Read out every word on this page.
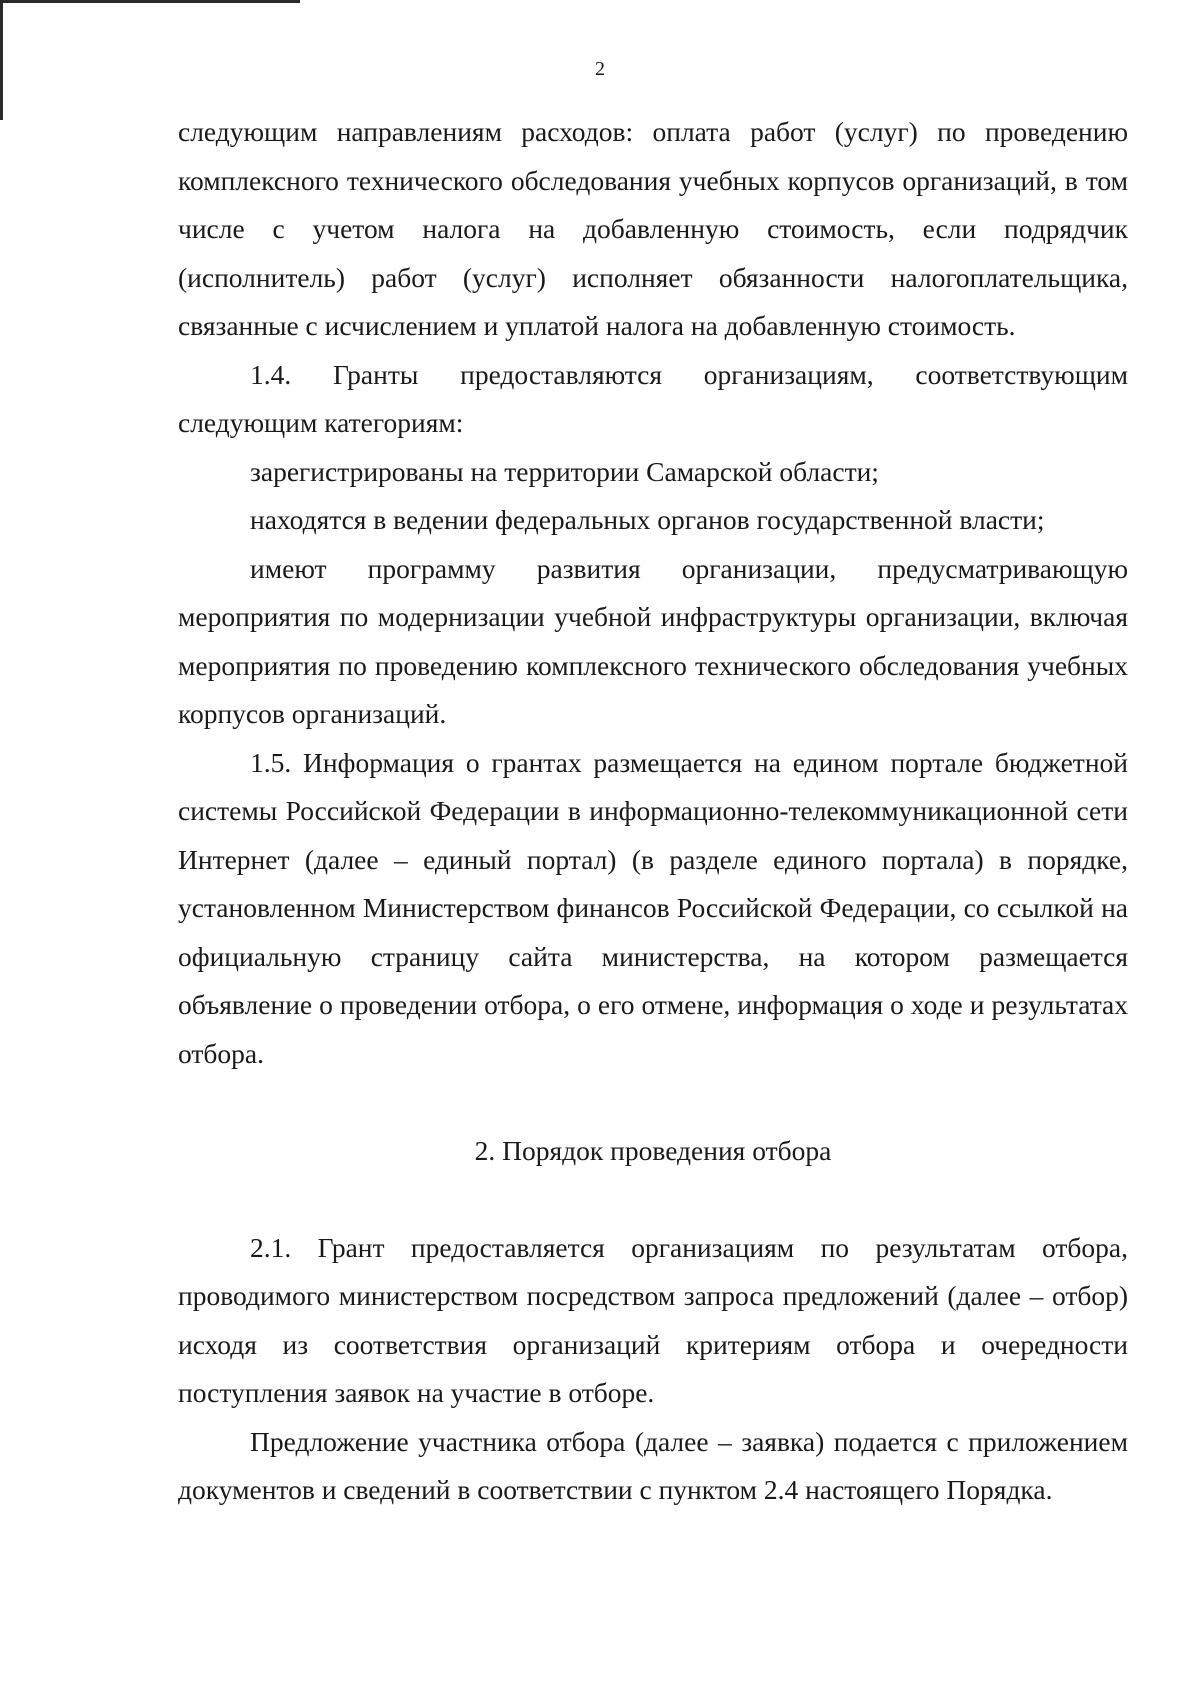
2

следующим направлениям расходов: оплата работ (услуг) по проведению комплексного технического обследования учебных корпусов организаций, в том числе с учетом налога на добавленную стоимость, если подрядчик (исполнитель) работ (услуг) исполняет обязанности налогоплательщика, связанные с исчислением и уплатой налога на добавленную стоимость.

1.4. Гранты предоставляются организациям, соответствующим следующим категориям:

зарегистрированы на территории Самарской области;

находятся в ведении федеральных органов государственной власти;

имеют программу развития организации, предусматривающую мероприятия по модернизации учебной инфраструктуры организации, включая мероприятия по проведению комплексного технического обследования учебных корпусов организаций.

1.5. Информация о грантах размещается на едином портале бюджетной системы Российской Федерации в информационно-телекоммуникационной сети Интернет (далее – единый портал) (в разделе единого портала) в порядке, установленном Министерством финансов Российской Федерации, со ссылкой на официальную страницу сайта министерства, на котором размещается объявление о проведении отбора, о его отмене, информация о ходе и результатах отбора.

2. Порядок проведения отбора

2.1. Грант предоставляется организациям по результатам отбора, проводимого министерством посредством запроса предложений (далее – отбор) исходя из соответствия организаций критериям отбора и очередности поступления заявок на участие в отборе.

Предложение участника отбора (далее – заявка) подается с приложением документов и сведений в соответствии с пунктом 2.4 настоящего Порядка.
